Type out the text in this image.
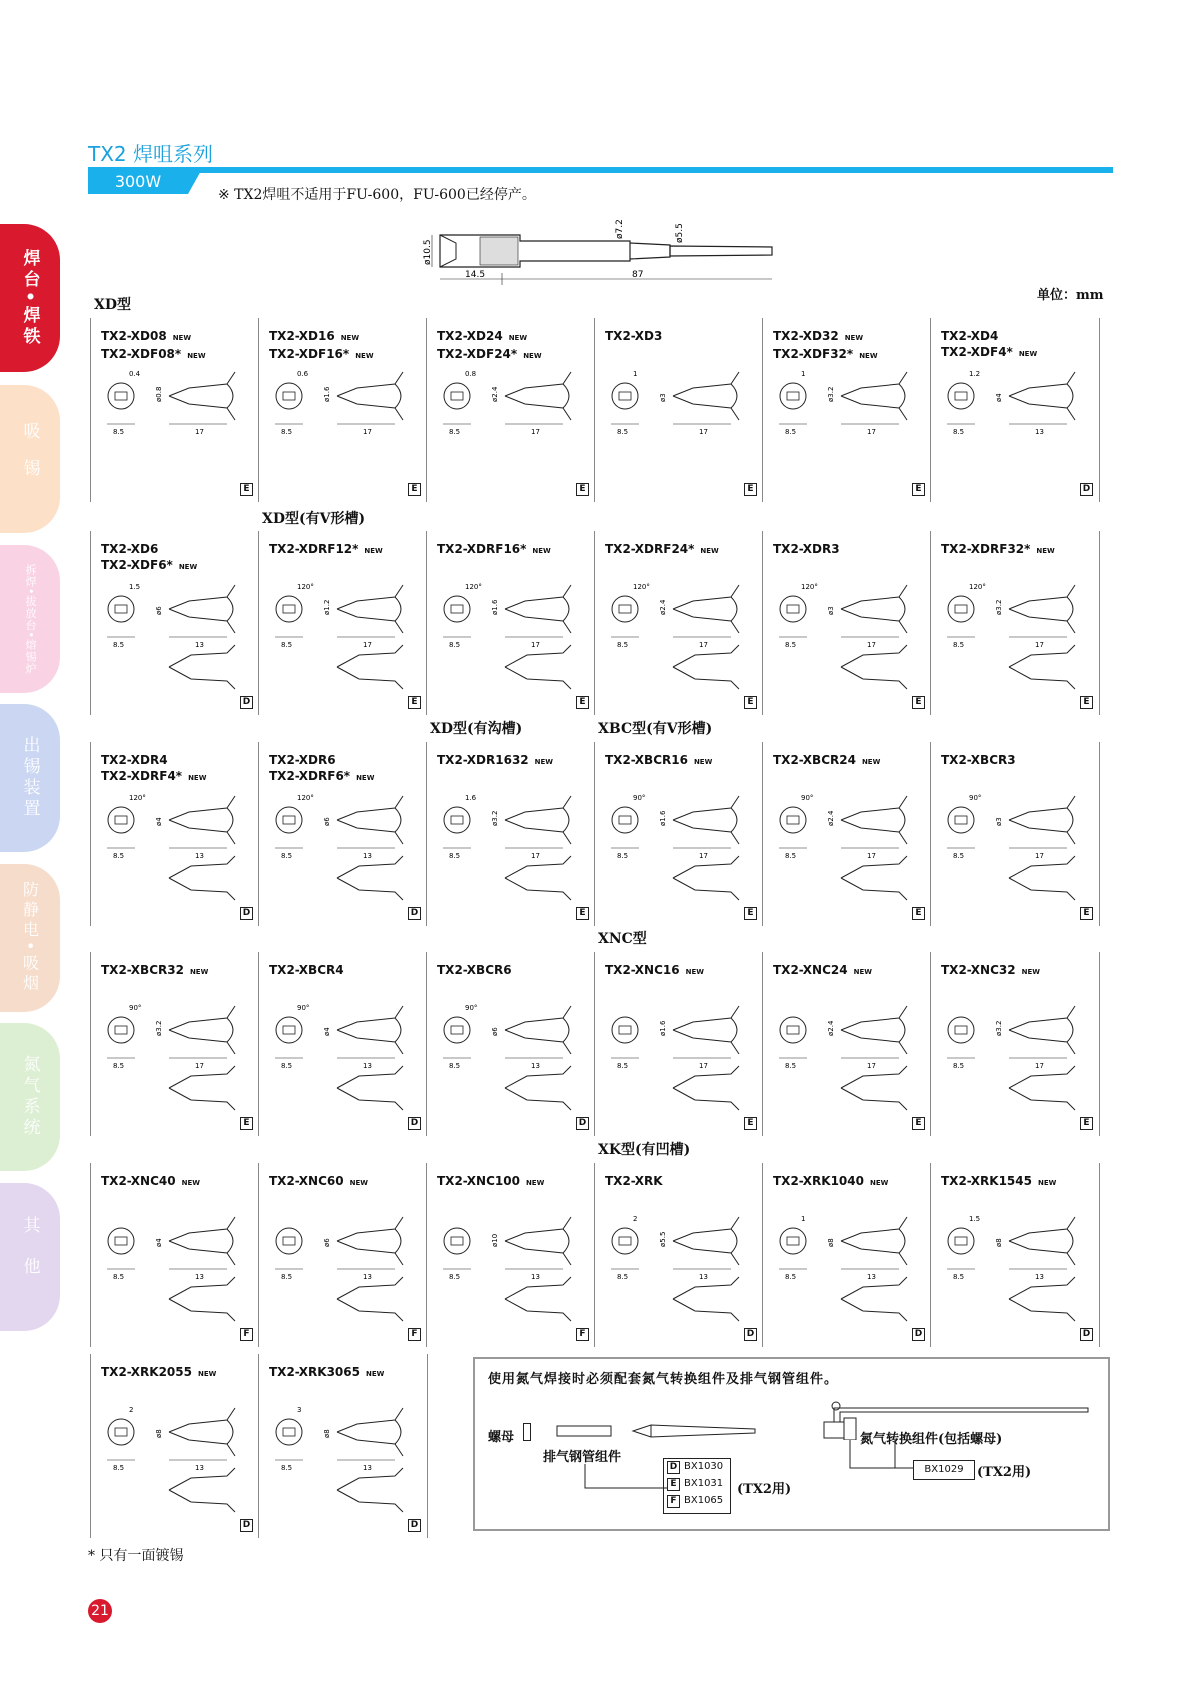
TX2 焊咀系列
300W
※ TX2焊咀不适用于FU-600，FU-600已经停产。
焊台•焊铁
吸锡
拆焊•拔放台•熔锡炉
出锡装置
防静电•吸烟
氮气系统
其他
ø10.5
ø7.2	ø5.5
14.5	87
单位：mm
XD型
XD型(有V形槽)
XD型(有沟槽)	XBC型(有V形槽)
XNC型
XK型(有凹槽)
TX2-XD08 NEW
TX2-XDF08* NEW
0.4
ø0.8
8.5	17
E
TX2-XD16 NEW
TX2-XDF16* NEW
0.6
ø1.6
8.5	17
E
TX2-XD24 NEW
TX2-XDF24* NEW
0.8
ø2.4
8.5	17
E
TX2-XD3
1
ø3
8.5	17
E
TX2-XD32 NEW
TX2-XDF32* NEW
1
ø3.2
8.5	17
E
TX2-XD4
TX2-XDF4* NEW
1.2
ø4
8.5	13
D
TX2-XD6
TX2-XDF6* NEW
1.5
ø6
8.5	13
D
TX2-XDRF12* NEW
120°
ø1.2
8.5	17
E
TX2-XDRF16* NEW
120°
ø1.6
8.5	17
E
TX2-XDRF24* NEW
120°
ø2.4
8.5	17
E
TX2-XDR3
120°
ø3
8.5	17
E
TX2-XDRF32* NEW
120°
ø3.2
8.5	17
E
TX2-XDR4
TX2-XDRF4* NEW
120°
ø4
8.5	13
D
TX2-XDR6
TX2-XDRF6* NEW
120°
ø6
8.5	13
D
TX2-XDR1632 NEW
1.6
ø3.2
8.5	17
E
TX2-XBCR16 NEW
90°
ø1.6
8.5	17
E
TX2-XBCR24 NEW
90°
ø2.4
8.5	17
E
TX2-XBCR3
90°
ø3
8.5	17
E
TX2-XBCR32 NEW
90°
ø3.2
8.5	17
E
TX2-XBCR4
90°
ø4
8.5	13
D
TX2-XBCR6
90°
ø6
8.5	13
D
TX2-XNC16 NEW
ø1.6
8.5	17
E
TX2-XNC24 NEW
ø2.4
8.5	17
E
TX2-XNC32 NEW
ø3.2
8.5	17
E
TX2-XNC40 NEW
ø4
8.5	13
F
TX2-XNC60 NEW
ø6
8.5	13
F
TX2-XNC100 NEW
ø10
8.5	13
F
TX2-XRK
2
ø5.5
8.5	13
D
TX2-XRK1040 NEW
1
ø8
8.5	13
D
TX2-XRK1545 NEW
1.5
ø8
8.5	13
D
TX2-XRK2055 NEW
2
ø8
8.5	13
D
TX2-XRK3065 NEW
3
ø8
8.5	13
D
使用氮气焊接时必须配套氮气转换组件及排气钢管组件。
螺母
排气钢管组件
D BX1030
E BX1031
F BX1065
(TX2用)
氮气转换组件(包括螺母)
BX1029	(TX2用)
* 只有一面镀锡
21
